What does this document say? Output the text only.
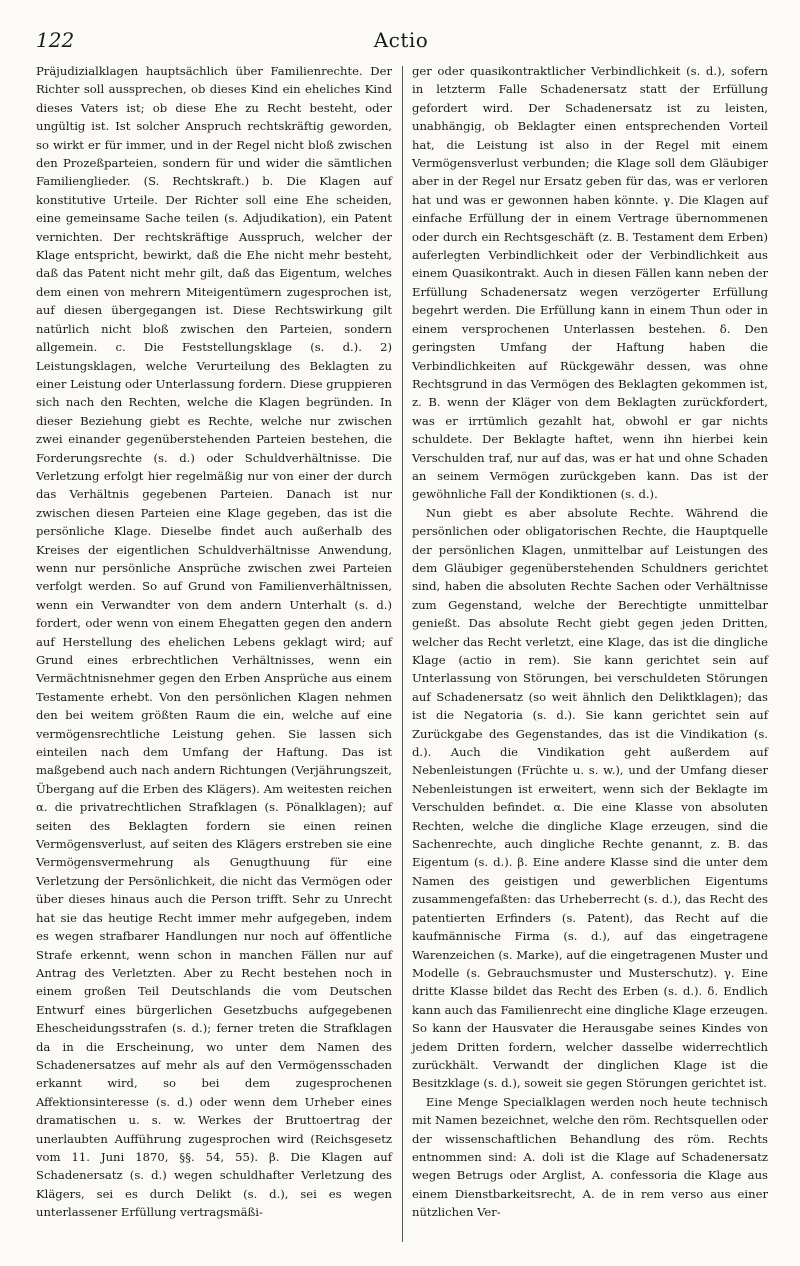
122	Actio

Präjudizialklagen hauptsächlich über Familienrechte. Der Richter soll aussprechen, ob dieses Kind ein eheliches Kind dieses Vaters ist; ob diese Ehe zu Recht besteht, oder ungültig ist. Ist solcher Anspruch rechtskräftig geworden, so wirkt er für immer, und in der Regel nicht bloß zwischen den Prozeßparteien, sondern für und wider die sämtlichen Familienglieder. (S. Rechtskraft.) b. Die Klagen auf konstitutive Urteile. Der Richter soll eine Ehe scheiden, eine gemeinsame Sache teilen (s. Adjudikation), ein Patent vernichten. Der rechtskräftige Ausspruch, welcher der Klage entspricht, bewirkt, daß die Ehe nicht mehr besteht, daß das Patent nicht mehr gilt, daß das Eigentum, welches dem einen von mehrern Miteigentümern zugesprochen ist, auf diesen übergegangen ist. Diese Rechtswirkung gilt natürlich nicht bloß zwischen den Parteien, sondern allgemein. c. Die Feststellungsklage (s. d.). 2) Leistungsklagen, welche Verurteilung des Beklagten zu einer Leistung oder Unterlassung fordern. Diese gruppieren sich nach den Rechten, welche die Klagen begründen. In dieser Beziehung giebt es Rechte, welche nur zwischen zwei einander gegenüberstehenden Parteien bestehen, die Forderungsrechte (s. d.) oder Schuldverhältnisse. Die Verletzung erfolgt hier regelmäßig nur von einer der durch das Verhältnis gegebenen Parteien. Danach ist nur zwischen diesen Parteien eine Klage gegeben, das ist die persönliche Klage. Dieselbe findet auch außerhalb des Kreises der eigentlichen Schuldverhältnisse Anwendung, wenn nur persönliche Ansprüche zwischen zwei Parteien verfolgt werden. So auf Grund von Familienverhältnissen, wenn ein Verwandter von dem andern Unterhalt (s. d.) fordert, oder wenn von einem Ehegatten gegen den andern auf Herstellung des ehelichen Lebens geklagt wird; auf Grund eines erbrechtlichen Verhältnisses, wenn ein Vermächtnisnehmer gegen den Erben Ansprüche aus einem Testamente erhebt. Von den persönlichen Klagen nehmen den bei weitem größten Raum die ein, welche auf eine vermögensrechtliche Leistung gehen. Sie lassen sich einteilen nach dem Umfang der Haftung. Das ist maßgebend auch nach andern Richtungen (Verjährungszeit, Übergang auf die Erben des Klägers). Am weitesten reichen α. die privatrechtlichen Strafklagen (s. Pönalklagen); auf seiten des Beklagten fordern sie einen reinen Vermögensverlust, auf seiten des Klägers erstreben sie eine Vermögensvermehrung als Genugthuung für eine Verletzung der Persönlichkeit, die nicht das Vermögen oder über dieses hinaus auch die Person trifft. Sehr zu Unrecht hat sie das heutige Recht immer mehr aufgegeben, indem es wegen strafbarer Handlungen nur noch auf öffentliche Strafe erkennt, wenn schon in manchen Fällen nur auf Antrag des Verletzten. Aber zu Recht bestehen noch in einem großen Teil Deutschlands die vom Deutschen Entwurf eines bürgerlichen Gesetzbuchs aufgegebenen Ehescheidungsstrafen (s. d.); ferner treten die Strafklagen da in die Erscheinung, wo unter dem Namen des Schadenersatzes auf mehr als auf den Vermögensschaden erkannt wird, so bei dem zugesprochenen Affektionsinteresse (s. d.) oder wenn dem Urheber eines dramatischen u. s. w. Werkes der Bruttoertrag der unerlaubten Aufführung zugesprochen wird (Reichsgesetz vom 11. Juni 1870, §§. 54, 55). β. Die Klagen auf Schadenersatz (s. d.) wegen schuldhafter Verletzung des Klägers, sei es durch Delikt (s. d.), sei es wegen unterlassener Erfüllung vertragsmäßi-

ger oder quasikontraktlicher Verbindlichkeit (s. d.), sofern in letzterm Falle Schadenersatz statt der Erfüllung gefordert wird. Der Schadenersatz ist zu leisten, unabhängig, ob Beklagter einen entsprechenden Vorteil hat, die Leistung ist also in der Regel mit einem Vermögensverlust verbunden; die Klage soll dem Gläubiger aber in der Regel nur Ersatz geben für das, was er verloren hat und was er gewonnen haben könnte. γ. Die Klagen auf einfache Erfüllung der in einem Vertrage übernommenen oder durch ein Rechtsgeschäft (z. B. Testament dem Erben) auferlegten Verbindlichkeit oder der Verbindlichkeit aus einem Quasikontrakt. Auch in diesen Fällen kann neben der Erfüllung Schadenersatz wegen verzögerter Erfüllung begehrt werden. Die Erfüllung kann in einem Thun oder in einem versprochenen Unterlassen bestehen. δ. Den geringsten Umfang der Haftung haben die Verbindlichkeiten auf Rückgewähr dessen, was ohne Rechtsgrund in das Vermögen des Beklagten gekommen ist, z. B. wenn der Kläger von dem Beklagten zurückfordert, was er irrtümlich gezahlt hat, obwohl er gar nichts schuldete. Der Beklagte haftet, wenn ihn hierbei kein Verschulden traf, nur auf das, was er hat und ohne Schaden an seinem Vermögen zurückgeben kann. Das ist der gewöhnliche Fall der Kondiktionen (s. d.).

Nun giebt es aber absolute Rechte. Während die persönlichen oder obligatorischen Rechte, die Hauptquelle der persönlichen Klagen, unmittelbar auf Leistungen des dem Gläubiger gegenüberstehenden Schuldners gerichtet sind, haben die absoluten Rechte Sachen oder Verhältnisse zum Gegenstand, welche der Berechtigte unmittelbar genießt. Das absolute Recht giebt gegen jeden Dritten, welcher das Recht verletzt, eine Klage, das ist die dingliche Klage (actio in rem). Sie kann gerichtet sein auf Unterlassung von Störungen, bei verschuldeten Störungen auf Schadenersatz (so weit ähnlich den Deliktklagen); das ist die Negatoria (s. d.). Sie kann gerichtet sein auf Zurückgabe des Gegenstandes, das ist die Vindikation (s. d.). Auch die Vindikation geht außerdem auf Nebenleistungen (Früchte u. s. w.), und der Umfang dieser Nebenleistungen ist erweitert, wenn sich der Beklagte im Verschulden befindet. α. Die eine Klasse von absoluten Rechten, welche die dingliche Klage erzeugen, sind die Sachenrechte, auch dingliche Rechte genannt, z. B. das Eigentum (s. d.). β. Eine andere Klasse sind die unter dem Namen des geistigen und gewerblichen Eigentums zusammengefaßten: das Urheberrecht (s. d.), das Recht des patentierten Erfinders (s. Patent), das Recht auf die kaufmännische Firma (s. d.), auf das eingetragene Warenzeichen (s. Marke), auf die eingetragenen Muster und Modelle (s. Gebrauchsmuster und Musterschutz). γ. Eine dritte Klasse bildet das Recht des Erben (s. d.). δ. Endlich kann auch das Familienrecht eine dingliche Klage erzeugen. So kann der Hausvater die Herausgabe seines Kindes von jedem Dritten fordern, welcher dasselbe widerrechtlich zurückhält. Verwandt der dinglichen Klage ist die Besitzklage (s. d.), soweit sie gegen Störungen gerichtet ist.

Eine Menge Specialklagen werden noch heute technisch mit Namen bezeichnet, welche den röm. Rechtsquellen oder der wissenschaftlichen Behandlung des röm. Rechts entnommen sind: A. doli ist die Klage auf Schadenersatz wegen Betrugs oder Arglist, A. confessoria die Klage aus einem Dienstbarkeitsrecht, A. de in rem verso aus einer nützlichen Ver-
